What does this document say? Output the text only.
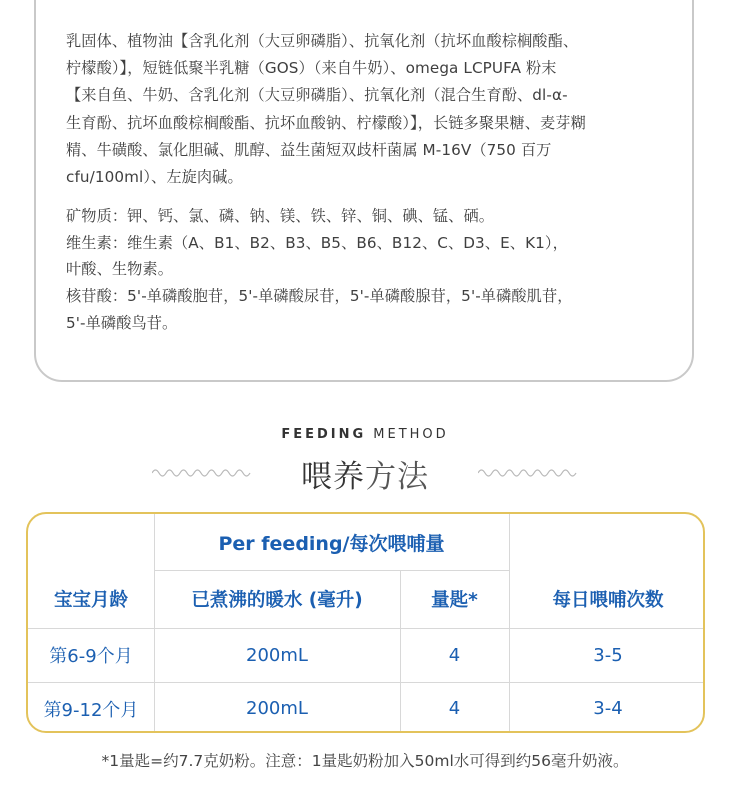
乳固体、植物油【含乳化剂（大豆卵磷脂）、抗氧化剂（抗坏血酸棕榈酸酯、

柠檬酸）】，短链低聚半乳糖（GOS）（来自牛奶）、omega LCPUFA 粉末

【来自鱼、牛奶、含乳化剂（大豆卵磷脂）、抗氧化剂（混合生育酚、dl-α-

生育酚、抗坏血酸棕榈酸酯、抗坏血酸钠、柠檬酸）】，长链多聚果糖、麦芽糊

精、牛磺酸、氯化胆碱、肌醇、益生菌短双歧杆菌属 M-16V（750 百万

cfu/100ml）、左旋肉碱。

矿物质：钾、钙、氯、磷、钠、镁、铁、锌、铜、碘、锰、硒。

维生素：维生素（A、B1、B2、B3、B5、B6、B12、C、D3、E、K1），

叶酸、生物素。

核苷酸：5'-单磷酸胞苷，5'-单磷酸尿苷，5'-单磷酸腺苷，5'-单磷酸肌苷，

5'-单磷酸鸟苷。

FEEDING METHOD
喂养方法
Per feeding/每次喂哺量
宝宝月龄	已煮沸的暖水 (毫升)	量匙*	每日喂哺次数
第6-9个月	200mL	4	3-5
第9-12个月	200mL	4	3-4
*1量匙=约7.7克奶粉。注意：1量匙奶粉加入50ml水可得到约56毫升奶液。
